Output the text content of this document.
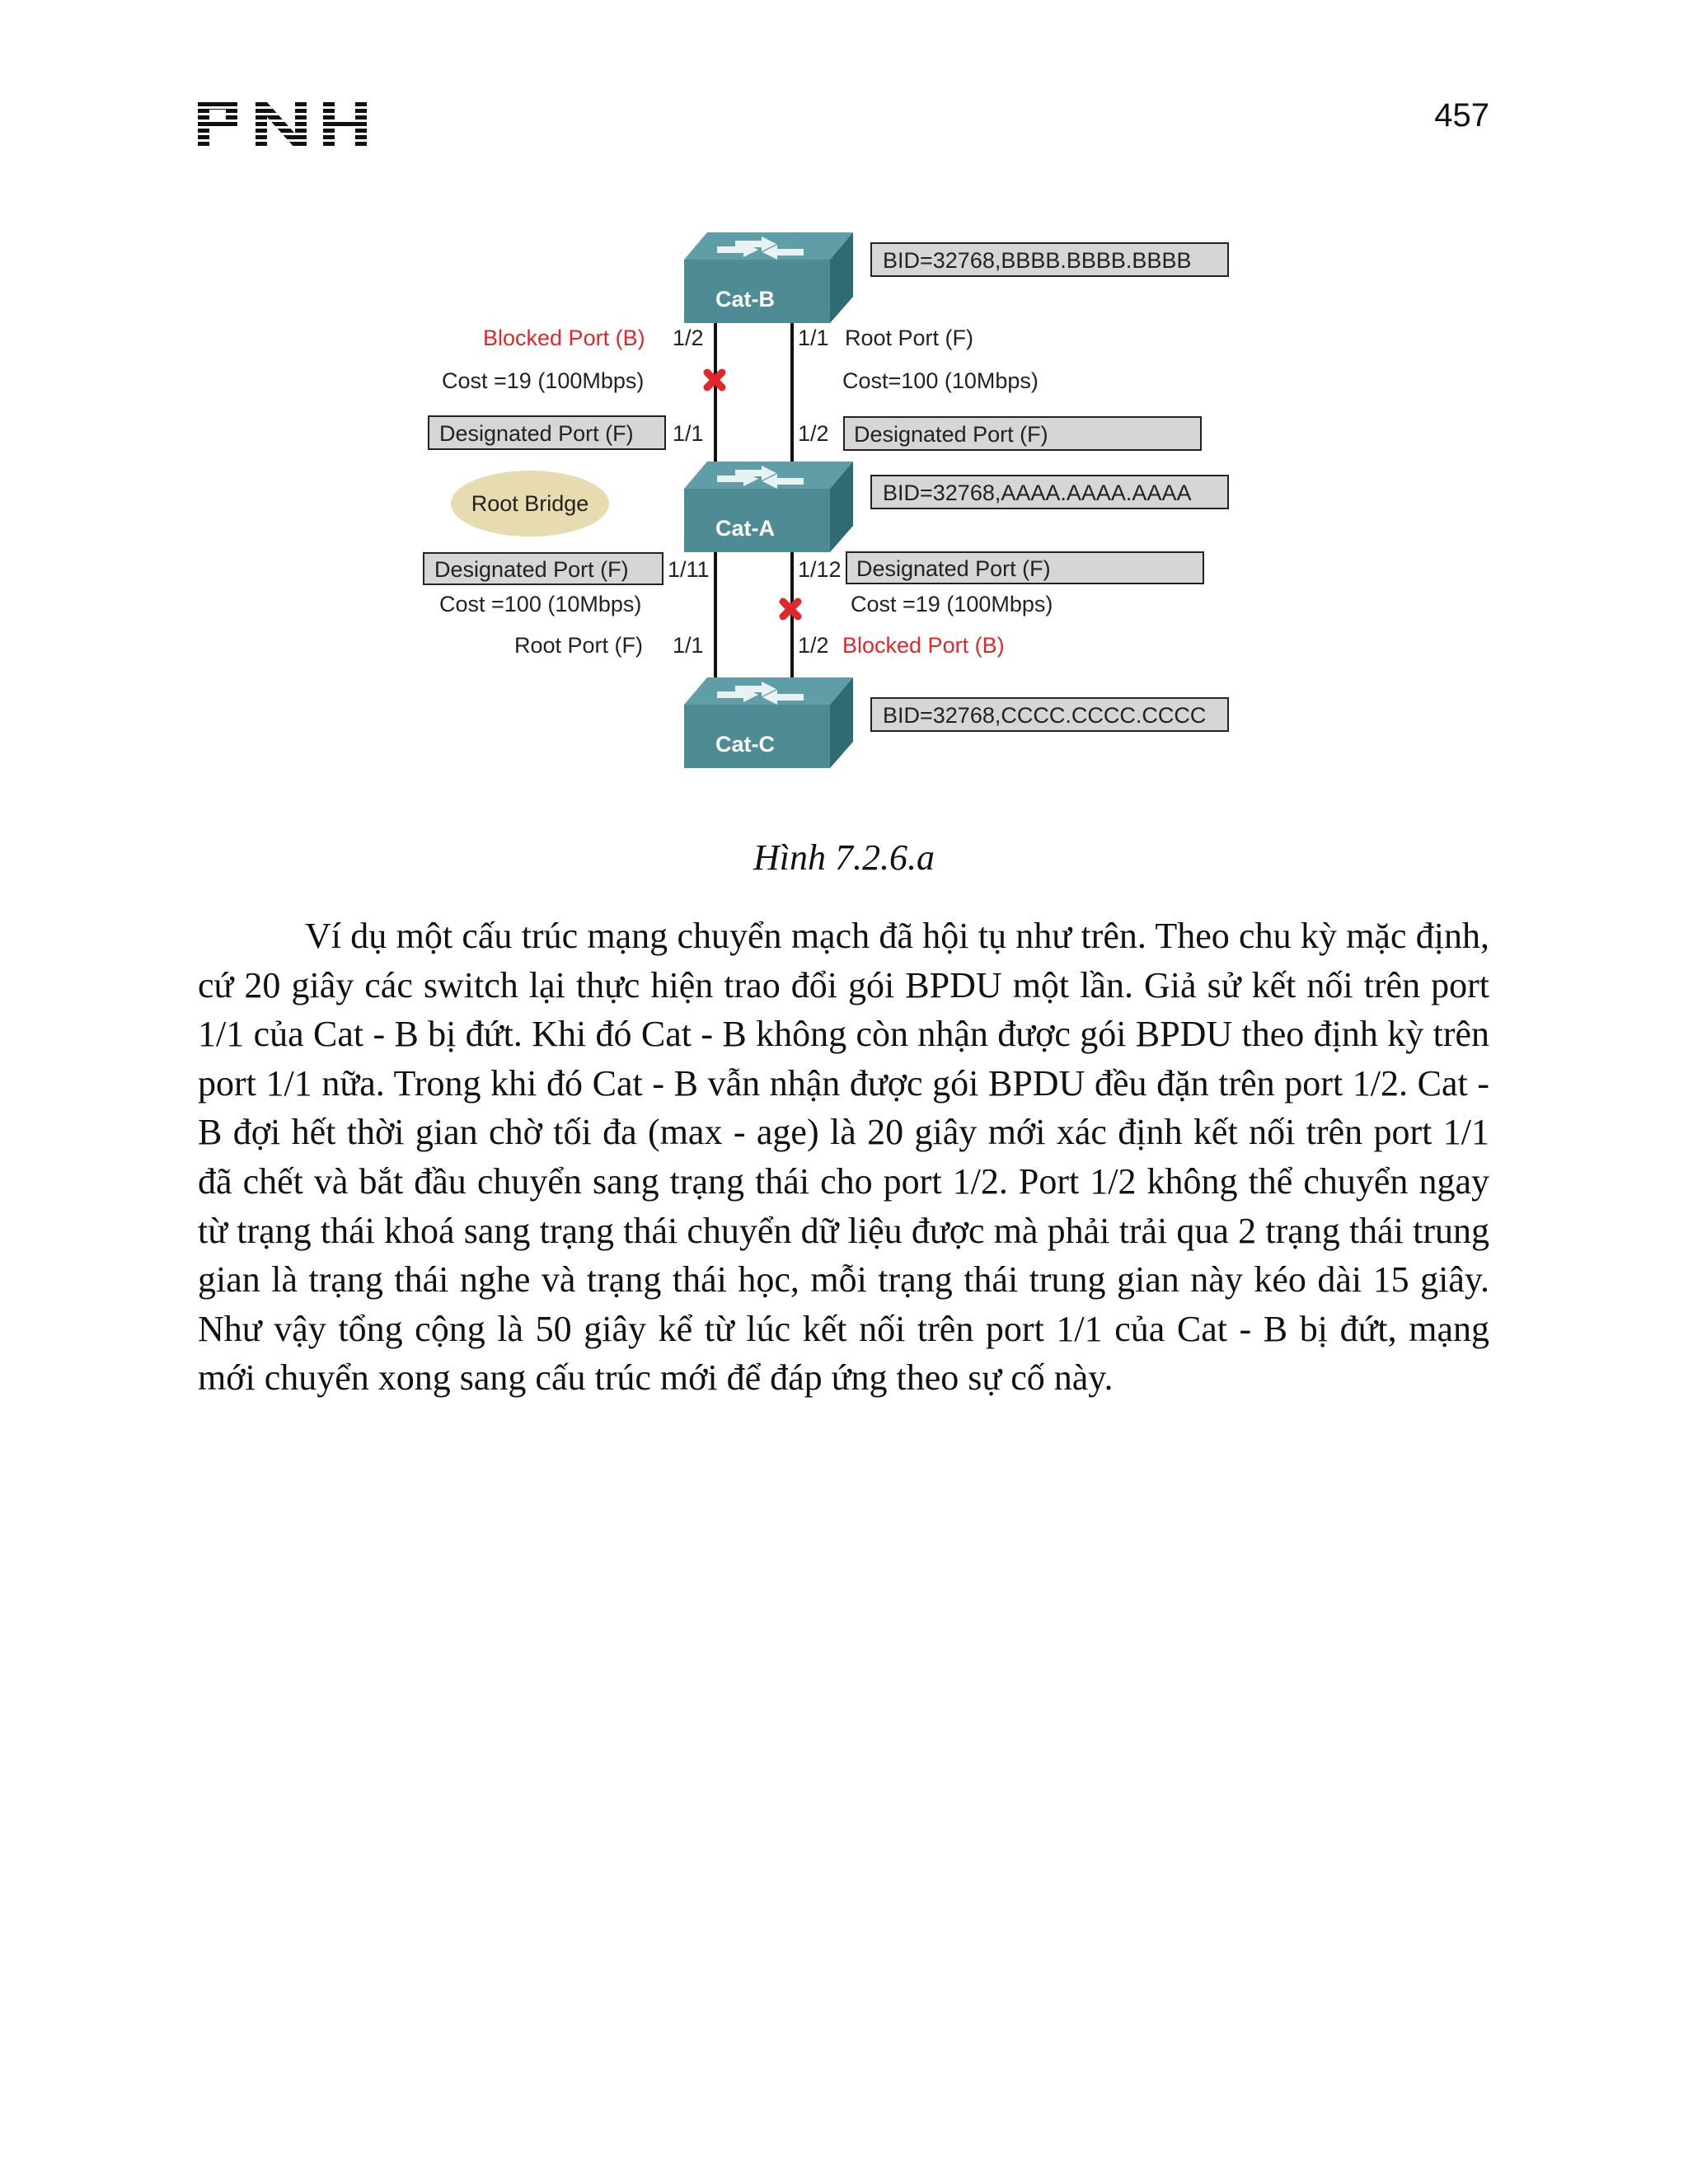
457
Cat-B
Cat-A
Cat-C
BID=32768,BBBB.BBBB.BBBB
BID=32768,AAAA.AAAA.AAAA
BID=32768,CCCC.CCCC.CCCC
Root Bridge
Blocked Port (B) 1/2
Cost =19 (100Mbps)
1/1 Root Port (F)
Cost=100 (10Mbps)
Designated Port (F) 1/1	1/2 Designated Port (F)
Designated Port (F) 1/11
Cost =100 (10Mbps)
1/12 Designated Port (F)
Cost =19 (100Mbps)
Root Port (F) 1/1	1/2 Blocked Port (B)
Hình 7.2.6.a

Ví dụ một cấu trúc mạng chuyển mạch đã hội tụ như trên. Theo chu kỳ mặc định, cứ 20 giây các switch lại thực hiện trao đổi gói BPDU một lần. Giả sử kết nối trên port 1/1 của Cat - B bị đứt. Khi đó Cat - B không còn nhận được gói BPDU theo định kỳ trên port 1/1 nữa. Trong khi đó Cat - B vẫn nhận được gói BPDU đều đặn trên port 1/2. Cat - B đợi hết thời gian chờ tối đa (max - age) là 20 giây mới xác định kết nối trên port 1/1 đã chết và bắt đầu chuyển sang trạng thái cho port 1/2. Port 1/2 không thể chuyển ngay từ trạng thái khoá sang trạng thái chuyển dữ liệu được mà phải trải qua 2 trạng thái trung gian là trạng thái nghe và trạng thái học, mỗi trạng thái trung gian này kéo dài 15 giây. Như vậy tổng cộng là 50 giây kể từ lúc kết nối trên port 1/1 của Cat - B bị đứt, mạng mới chuyển xong sang cấu trúc mới để đáp ứng theo sự cố này.
